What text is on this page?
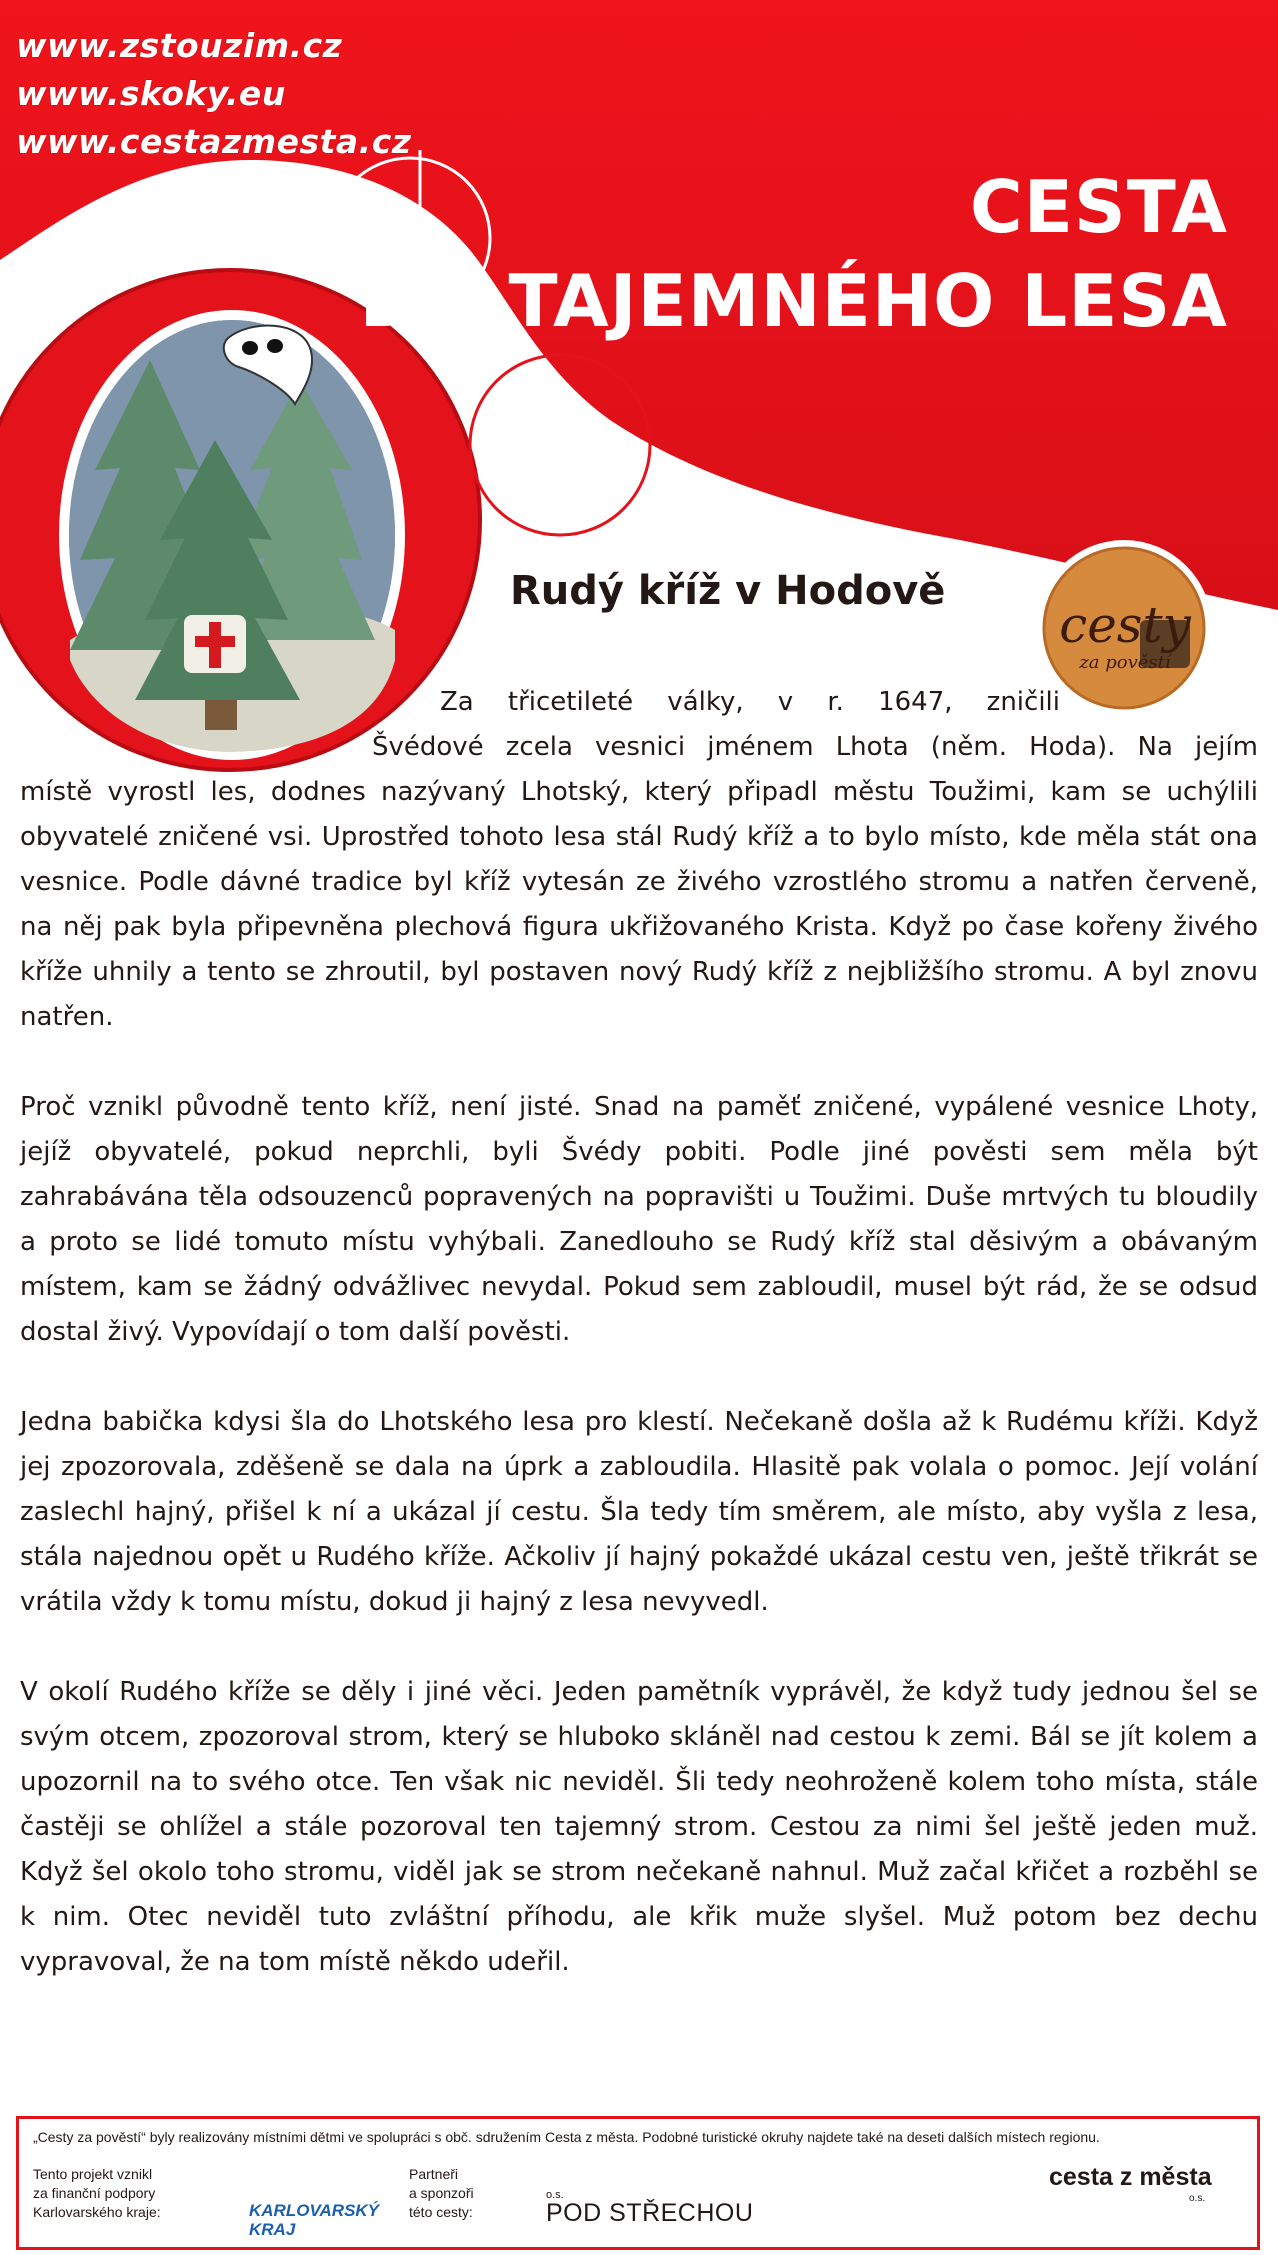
www.zstouzim.cz
www.skoky.eu
www.cestazmesta.cz
CESTA
DO TAJEMNÉHO LESA
cesty
za pověstí
Rudý kříž v Hodově
Za třicetileté války, v r. 1647, zničili
Švédové zcela vesnici jménem Lhota (něm. Hoda). Na jejím

místě vyrostl les, dodnes nazývaný Lhotský, který připadl městu Toužimi, kam se uchýlili obyvatelé zničené vsi. Uprostřed tohoto lesa stál Rudý kříž a to bylo místo, kde měla stát ona vesnice. Podle dávné tradice byl kříž vytesán ze živého vzrostlého stromu a natřen červeně, na něj pak byla připevněna plechová figura ukřižovaného Krista. Když po čase kořeny živého kříže uhnily a tento se zhroutil, byl postaven nový Rudý kříž z nejbližšího stromu. A byl znovu natřen.

Proč vznikl původně tento kříž, není jisté. Snad na paměť zničené, vypálené vesnice Lhoty, jejíž obyvatelé, pokud neprchli, byli Švédy pobiti. Podle jiné pověsti sem měla být zahrabávána těla odsouzenců popravených na popravišti u Toužimi. Duše mrtvých tu bloudily a proto se lidé tomuto místu vyhýbali. Zanedlouho se Rudý kříž stal děsivým a obávaným místem, kam se žádný odvážlivec nevydal. Pokud sem zabloudil, musel být rád, že se odsud dostal živý. Vypovídají o tom další pověsti.

Jedna babička kdysi šla do Lhotského lesa pro klestí. Nečekaně došla až k Rudému kříži. Když jej zpozorovala, zděšeně se dala na úprk a zabloudila. Hlasitě pak volala o pomoc. Její volání zaslechl hajný, přišel k ní a ukázal jí cestu. Šla tedy tím směrem, ale místo, aby vyšla z lesa, stála najednou opět u Rudého kříže. Ačkoliv jí hajný pokaždé ukázal cestu ven, ještě třikrát se vrátila vždy k tomu místu, dokud ji hajný z lesa nevyvedl.

V okolí Rudého kříže se děly i jiné věci. Jeden pamětník vyprávěl, že když tudy jednou šel se svým otcem, zpozoroval strom, který se hluboko skláněl nad cestou k zemi. Bál se jít kolem a upozornil na to svého otce. Ten však nic neviděl. Šli tedy neohroženě kolem toho místa, stále častěji se ohlížel a stále pozoroval ten tajemný strom. Cestou za nimi šel ještě jeden muž. Když šel okolo toho stromu, viděl jak se strom nečekaně nahnul. Muž začal křičet a rozběhl se k nim. Otec neviděl tuto zvláštní příhodu, ale křik muže slyšel. Muž potom bez dechu vypravoval, že na tom místě někdo udeřil.

„Cesty za pověstí“ byly realizovány místními dětmi ve spolupráci s obč. sdružením Cesta z města. Podobné turistické okruhy najdete také na deseti dalších místech regionu.
Tento projekt vznikl
za finanční podpory
Karlovarského kraje:	KARLOVARSKÝ
KRAJ
Partneři
a sponzoři
této cesty:
o.s.
POD STŘECHOU
cesta z města
o.s.
